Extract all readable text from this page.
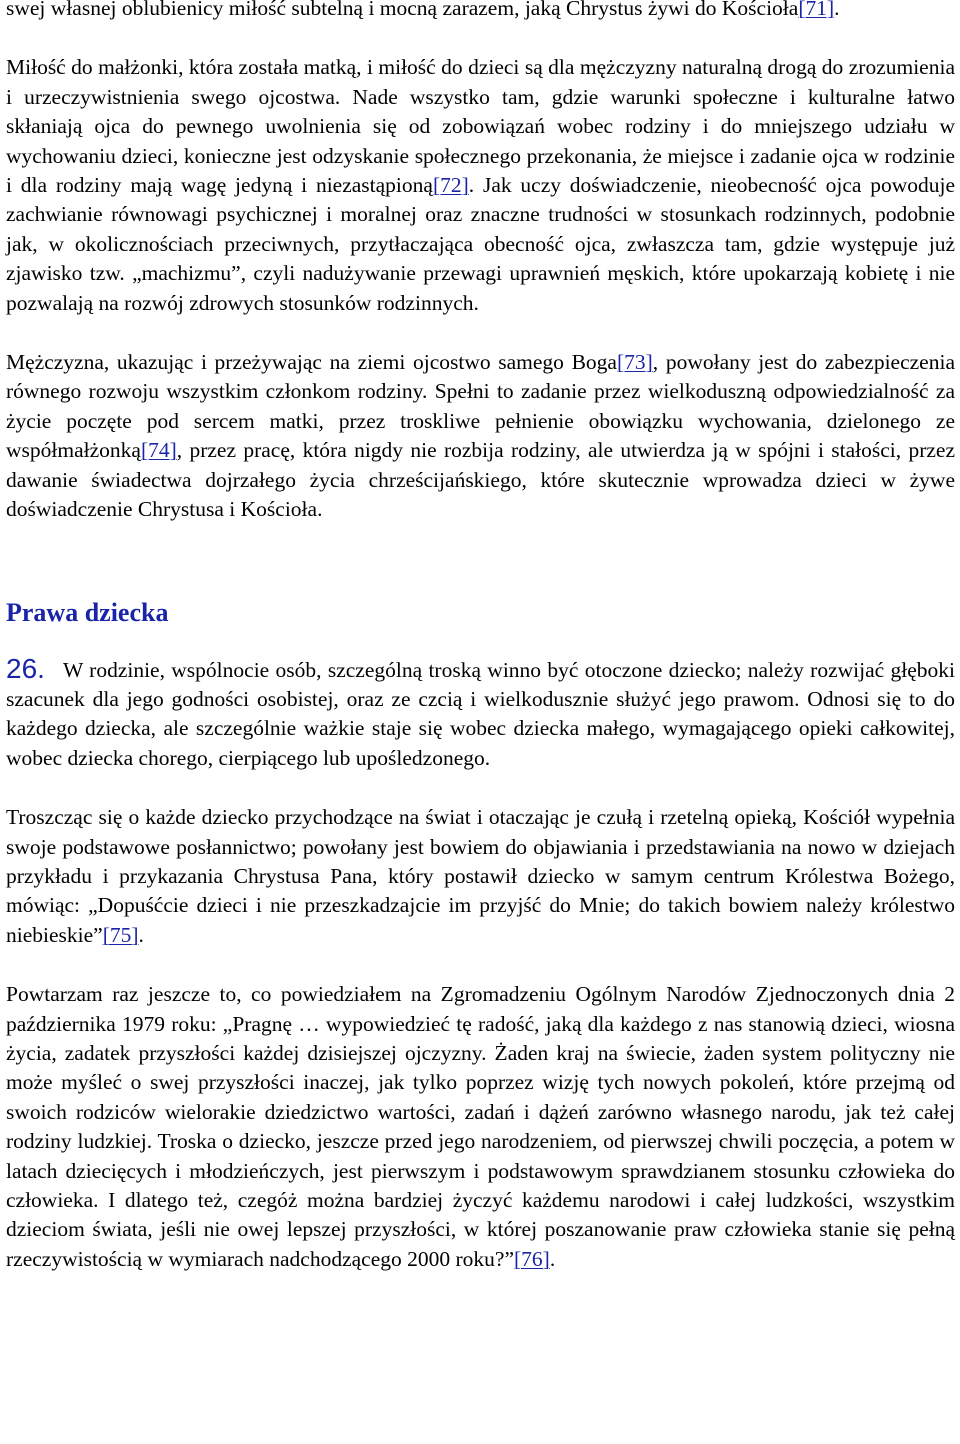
swej własnej oblubienicy miłość subtelną i mocną zarazem, jaką Chrystus żywi do Kościoła[71].

Miłość do małżonki, która została matką, i miłość do dzieci są dla mężczyzny naturalną drogą do zrozumienia i urzeczywistnienia swego ojcostwa. Nade wszystko tam, gdzie warunki społeczne i kulturalne łatwo skłaniają ojca do pewnego uwolnienia się od zobowiązań wobec rodziny i do mniejszego udziału w wychowaniu dzieci, konieczne jest odzyskanie społecznego przekonania, że miejsce i zadanie ojca w rodzinie i dla rodziny mają wagę jedyną i niezastąpioną[72]. Jak uczy doświadczenie, nieobecność ojca powoduje zachwianie równowagi psychicznej i moralnej oraz znaczne trudności w stosunkach rodzinnych, podobnie jak, w okolicznościach przeciwnych, przytłaczająca obecność ojca, zwłaszcza tam, gdzie występuje już zjawisko tzw. „machizmu”, czyli nadużywanie przewagi uprawnień męskich, które upokarzają kobietę i nie pozwalają na rozwój zdrowych stosunków rodzinnych.

Mężczyzna, ukazując i przeżywając na ziemi ojcostwo samego Boga[73], powołany jest do zabezpieczenia równego rozwoju wszystkim członkom rodziny. Spełni to zadanie przez wielkoduszną odpowiedzialność za życie poczęte pod sercem matki, przez troskliwe pełnienie obowiązku wychowania, dzielonego ze współmałżonką[74], przez pracę, która nigdy nie rozbija rodziny, ale utwierdza ją w spójni i stałości, przez dawanie świadectwa dojrzałego życia chrześcijańskiego, które skutecznie wprowadza dzieci w żywe doświadczenie Chrystusa i Kościoła.

Prawa dziecka

26. W rodzinie, wspólnocie osób, szczególną troską winno być otoczone dziecko; należy rozwijać głęboki szacunek dla jego godności osobistej, oraz ze czcią i wielkodusznie służyć jego prawom. Odnosi się to do każdego dziecka, ale szczególnie ważkie staje się wobec dziecka małego, wymagającego opieki całkowitej, wobec dziecka chorego, cierpiącego lub upośledzonego.

Troszcząc się o każde dziecko przychodzące na świat i otaczając je czułą i rzetelną opieką, Kościół wypełnia swoje podstawowe posłannictwo; powołany jest bowiem do objawiania i przedstawiania na nowo w dziejach przykładu i przykazania Chrystusa Pana, który postawił dziecko w samym centrum Królestwa Bożego, mówiąc: „Dopuśćcie dzieci i nie przeszkadzajcie im przyjść do Mnie; do takich bowiem należy królestwo niebieskie”[75].

Powtarzam raz jeszcze to, co powiedziałem na Zgromadzeniu Ogólnym Narodów Zjednoczonych dnia 2 października 1979 roku: „Pragnę … wypowiedzieć tę radość, jaką dla każdego z nas stanowią dzieci, wiosna życia, zadatek przyszłości każdej dzisiejszej ojczyzny. Żaden kraj na świecie, żaden system polityczny nie może myśleć o swej przyszłości inaczej, jak tylko poprzez wizję tych nowych pokoleń, które przejmą od swoich rodziców wielorakie dziedzictwo wartości, zadań i dążeń zarówno własnego narodu, jak też całej rodziny ludzkiej. Troska o dziecko, jeszcze przed jego narodzeniem, od pierwszej chwili poczęcia, a potem w latach dziecięcych i młodzieńczych, jest pierwszym i podstawowym sprawdzianem stosunku człowieka do człowieka. I dlatego też, czegóż można bardziej życzyć każdemu narodowi i całej ludzkości, wszystkim dzieciom świata, jeśli nie owej lepszej przyszłości, w której poszanowanie praw człowieka stanie się pełną rzeczywistością w wymiarach nadchodzącego 2000 roku?”[76].
